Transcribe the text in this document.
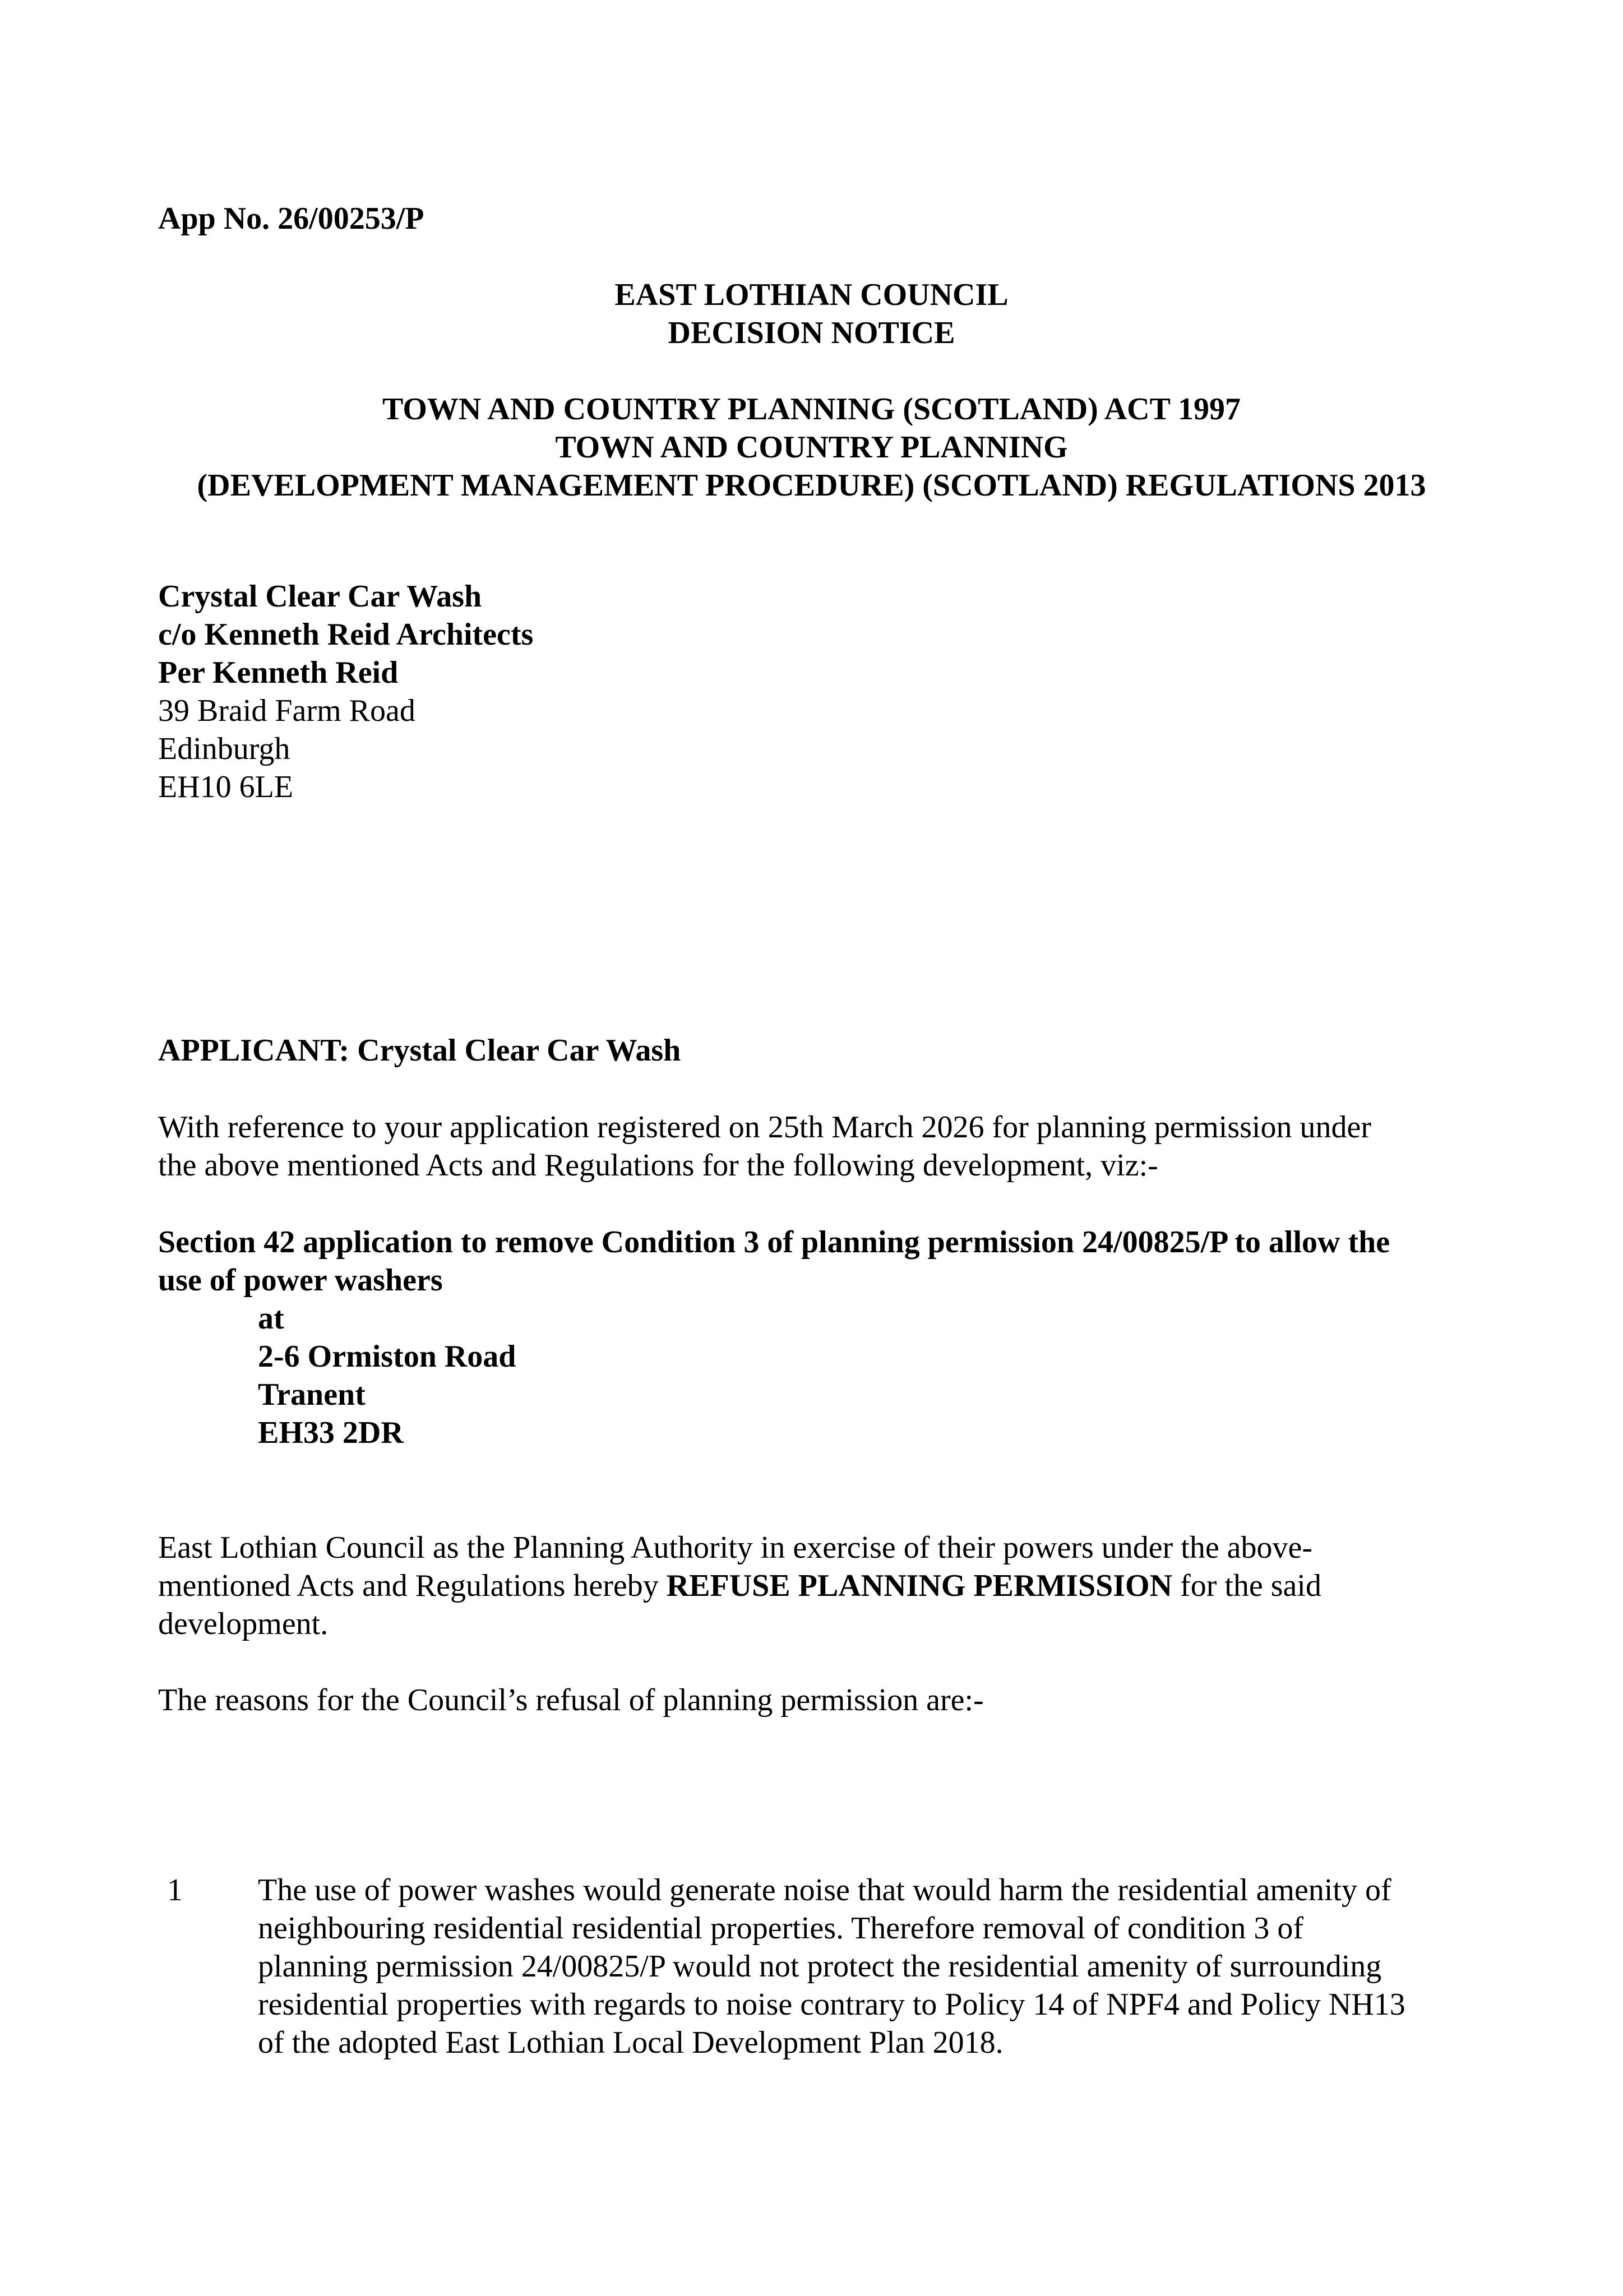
App No. 26/00253/P
EAST LOTHIAN COUNCIL
DECISION NOTICE
TOWN AND COUNTRY PLANNING (SCOTLAND) ACT 1997
TOWN AND COUNTRY PLANNING
(DEVELOPMENT MANAGEMENT PROCEDURE) (SCOTLAND) REGULATIONS 2013
Crystal Clear Car Wash
c/o Kenneth Reid Architects
Per Kenneth Reid
39 Braid Farm Road
Edinburgh
EH10 6LE
APPLICANT: Crystal Clear Car Wash
With reference to your application registered on 25th March 2026 for planning permission under
the above mentioned Acts and Regulations for the following development, viz:-
Section 42 application to remove Condition 3 of planning permission 24/00825/P to allow the
use of power washers
at
2-6 Ormiston Road
Tranent
EH33 2DR
East Lothian Council as the Planning Authority in exercise of their powers under the above-
mentioned Acts and Regulations hereby REFUSE PLANNING PERMISSION for the said
development.
The reasons for the Council’s refusal of planning permission are:-
1 The use of power washes would generate noise that would harm the residential amenity of
neighbouring residential residential properties. Therefore removal of condition 3 of
planning permission 24/00825/P would not protect the residential amenity of surrounding
residential properties with regards to noise contrary to Policy 14 of NPF4 and Policy NH13
of the adopted East Lothian Local Development Plan 2018.
